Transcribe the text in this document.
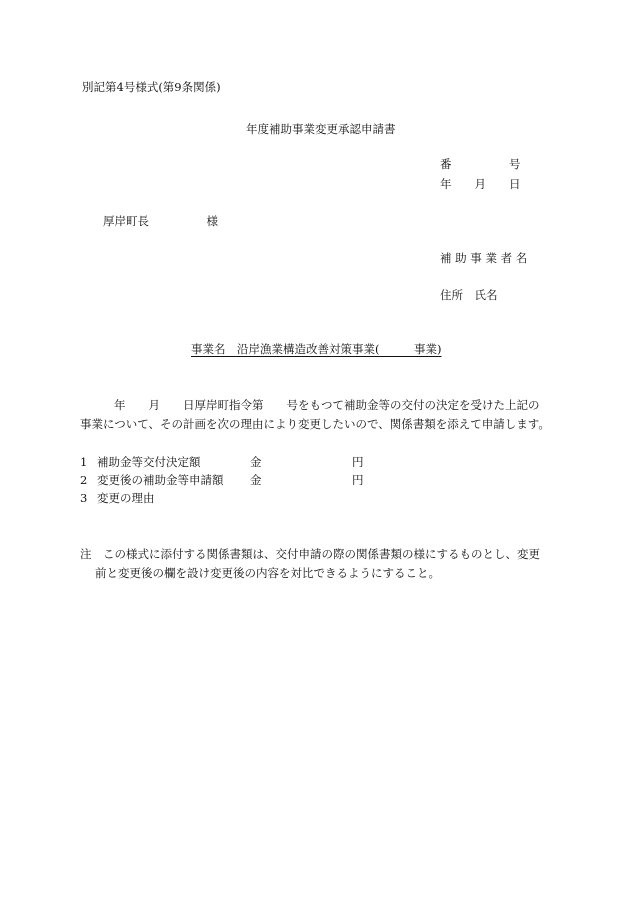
別記第4号様式(第9条関係)
年度補助事業変更承認申請書
番　　　　　号
年　　月　　日
厚岸町長　　　　　様
補 助 事 業 者 名
住所　氏名
事業名　沿岸漁業構造改善対策事業(　　　事業)
年　　月　　日厚岸町指令第　　号をもつて補助金等の交付の決定を受けた上記の
事業について、その計画を次の理由により変更したいので、関係書類を添えて申請します。
1 補助金等交付決定額	金	円
2 変更後の補助金等申請額 金	円
3 変更の理由
注　この様式に添付する関係書類は、交付申請の際の関係書類の様にするものとし、変更
前と変更後の欄を設け変更後の内容を対比できるようにすること。
